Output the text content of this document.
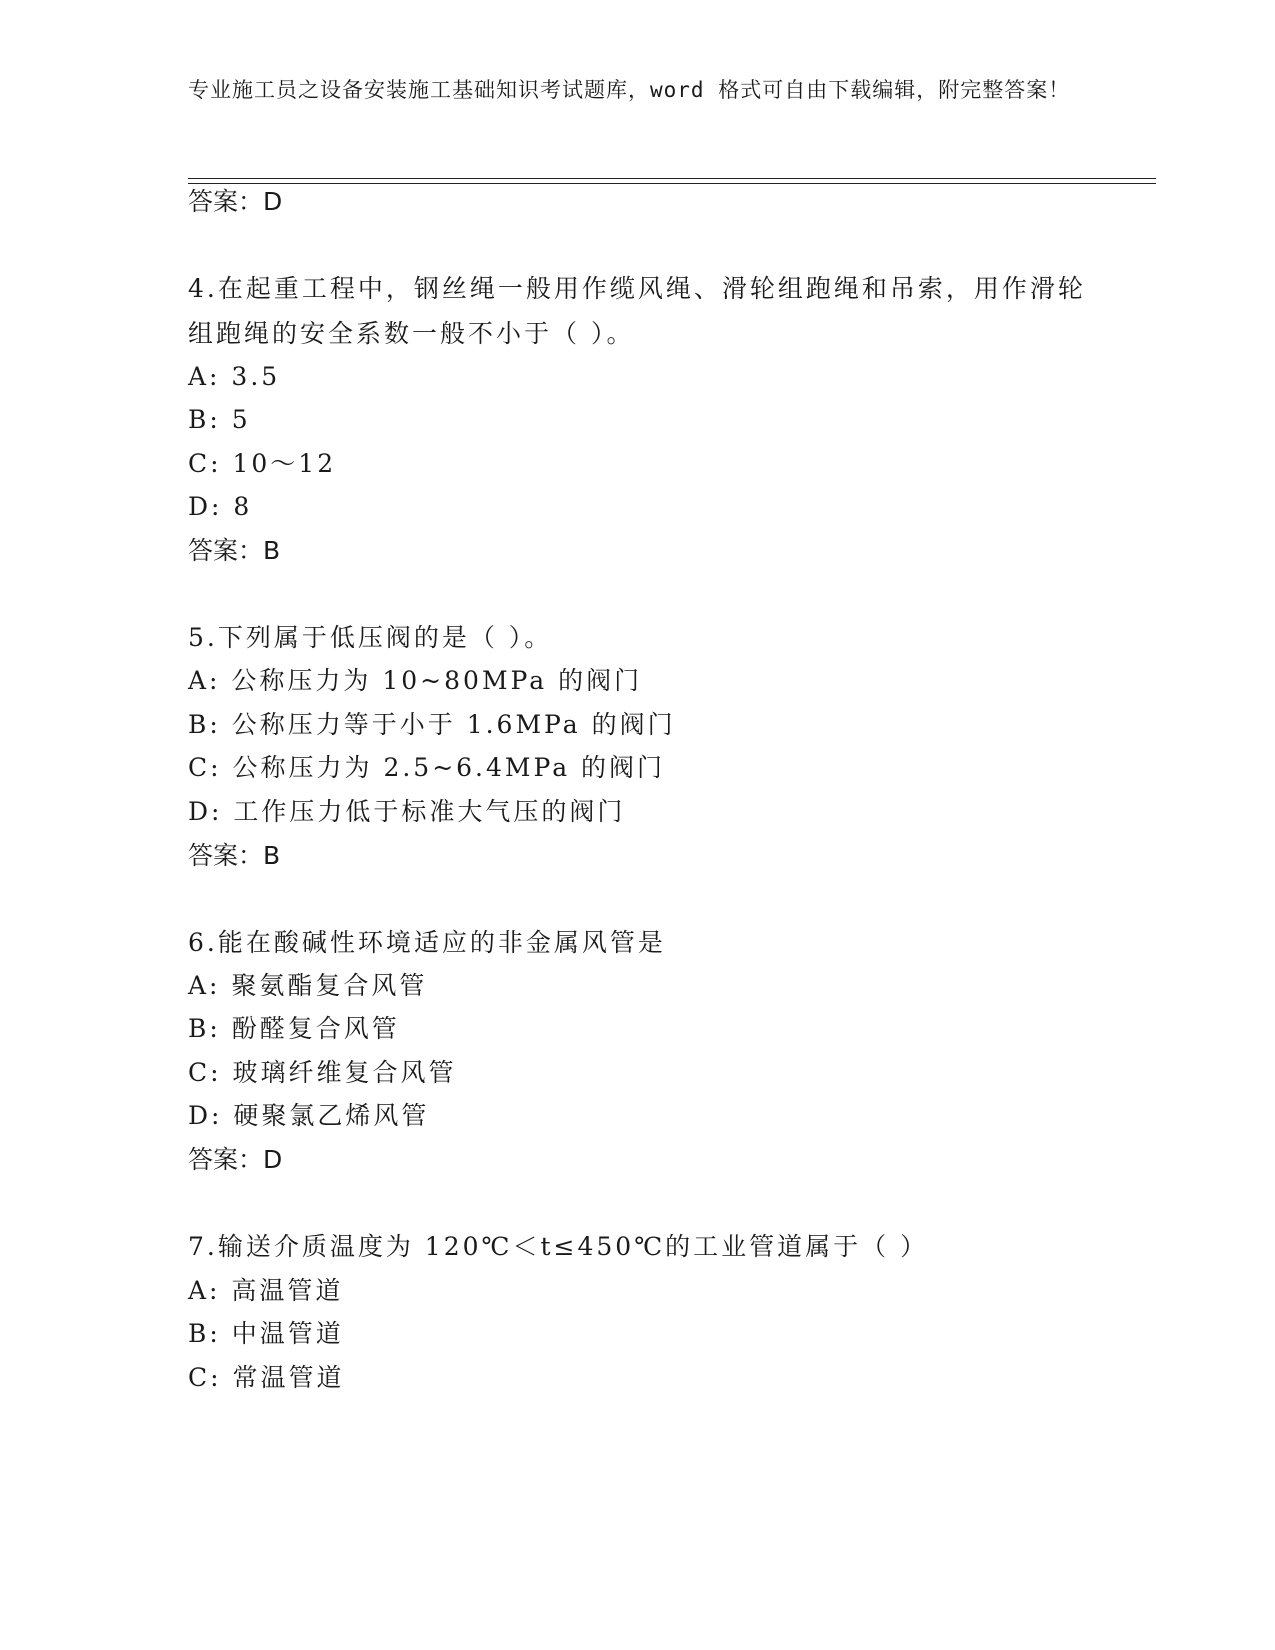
专业施工员之设备安装施工基础知识考试题库，word 格式可自由下载编辑，附完整答案！
答案：D
4.在起重工程中，钢丝绳一般用作缆风绳、滑轮组跑绳和吊索，用作滑轮组跑绳的安全系数一般不小于（ ）。
A: 3.5
B: 5
C: 10～12
D: 8
答案：B
5.下列属于低压阀的是（ ）。
A: 公称压力为 10~80MPa 的阀门
B: 公称压力等于小于 1.6MPa 的阀门
C: 公称压力为 2.5~6.4MPa 的阀门
D: 工作压力低于标准大气压的阀门
答案：B
6.能在酸碱性环境适应的非金属风管是
A: 聚氨酯复合风管
B: 酚醛复合风管
C: 玻璃纤维复合风管
D: 硬聚氯乙烯风管
答案：D
7.输送介质温度为 120℃＜t≤450℃的工业管道属于（ ）
A: 高温管道
B: 中温管道
C: 常温管道
